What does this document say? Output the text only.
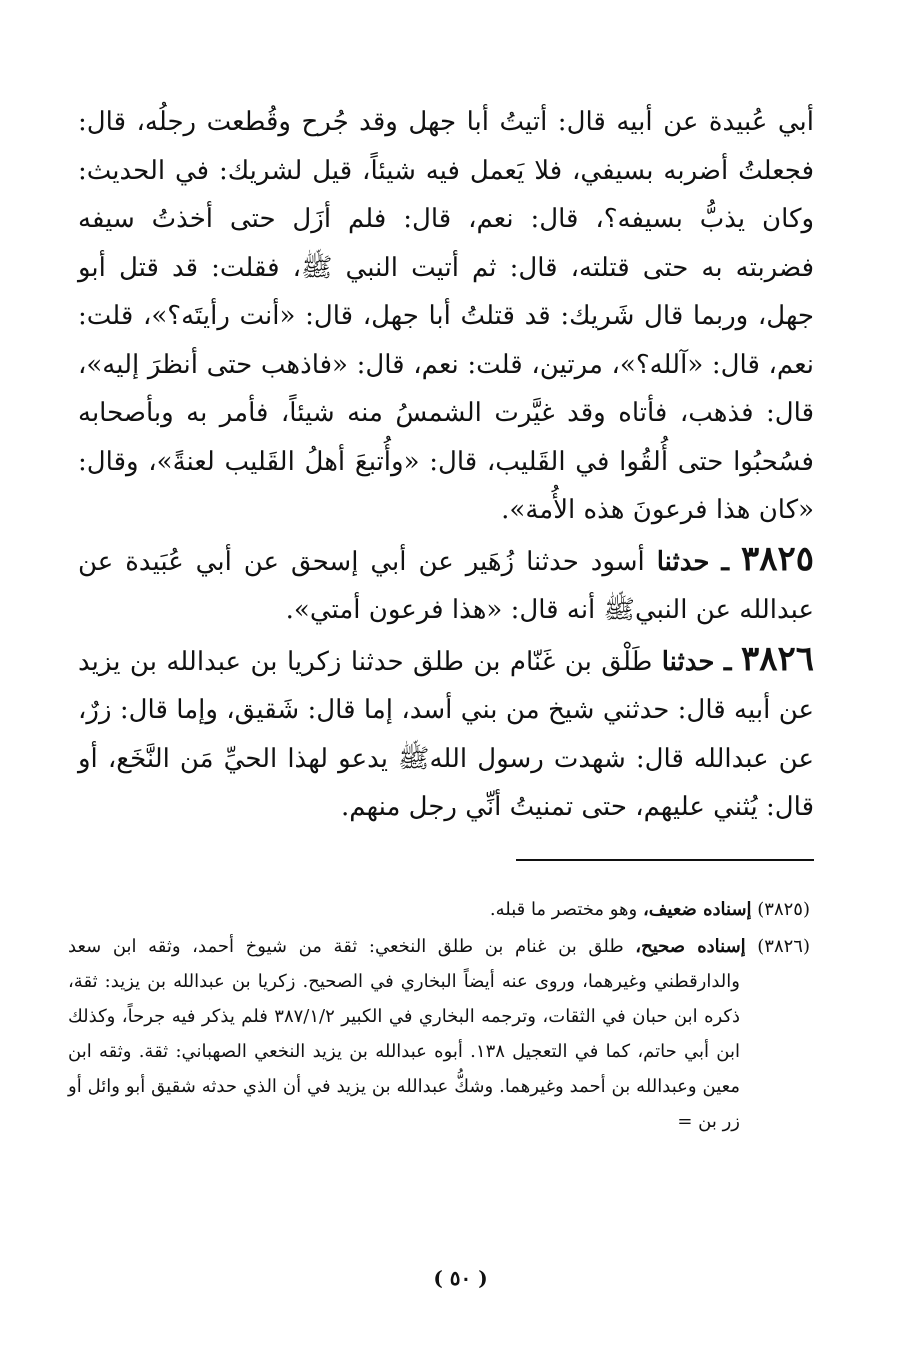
أبي عُبيدة عن أبيه قال: أتيتُ أبا جهل وقد جُرح وقُطعت رجلُه، قال: فجعلتُ أضربه بسيفي، فلا يَعمل فيه شيئاً، قيل لشريك: في الحديث: وكان يذبُّ بسيفه؟، قال: نعم، قال: فلم أزَل حتى أخذتُ سيفه فضربته به حتى قتلته، قال: ثم أتيت النبي ﷺ، فقلت: قد قتل أبو جهل، وربما قال شَريك: قد قتلتُ أبا جهل، قال: «أنت رأيتَه؟»، قلت: نعم، قال: «آلله؟»، مرتين، قلت: نعم، قال: «فاذهب حتى أنظرَ إليه»، قال: فذهب، فأتاه وقد غيَّرت الشمسُ منه شيئاً، فأمر به وبأصحابه فسُحبُوا حتى أُلقُوا في القَليب، قال: «وأُتبعَ أهلُ القَليب لعنةً»، وقال: «كان هذا فرعونَ هذه الأُمة».

٣٨٢٥ ـ حدثنا أسود حدثنا زُهَير عن أبي إسحق عن أبي عُبَيدة عن عبدالله عن النبيﷺ أنه قال: «هذا فرعون أمتي».

٣٨٢٦ ـ حدثنا طَلْق بن غَنّام بن طلق حدثنا زكريا بن عبدالله بن يزيد عن أبيه قال: حدثني شيخ من بني أسد، إما قال: شَقيق، وإما قال: زرٌ، عن عبدالله قال: شهدت رسول اللهﷺ يدعو لهذا الحيِّ مَن النَّخَع، أو قال: يُثني عليهم، حتى تمنيتُ أنِّي رجل منهم.

(٣٨٢٥) إسناده ضعيف، وهو مختصر ما قبله.

(٣٨٢٦) إسناده صحيح، طلق بن غنام بن طلق النخعي: ثقة من شيوخ أحمد، وثقه ابن سعد والدارقطني وغيرهما، وروى عنه أيضاً البخاري في الصحيح. زكريا بن عبدالله بن يزيد: ثقة، ذكره ابن حبان في الثقات، وترجمه البخاري في الكبير ٣٨٧/١/٢ فلم يذكر فيه جرحاً، وكذلك ابن أبي حاتم، كما في التعجيل ١٣٨. أبوه عبدالله بن يزيد النخعي الصهباني: ثقة. وثقه ابن معين وعبدالله بن أحمد وغيرهما. وشكُّ عبدالله بن يزيد في أن الذي حدثه شقيق أبو وائل أو زر بن =

( ٥٠ )
